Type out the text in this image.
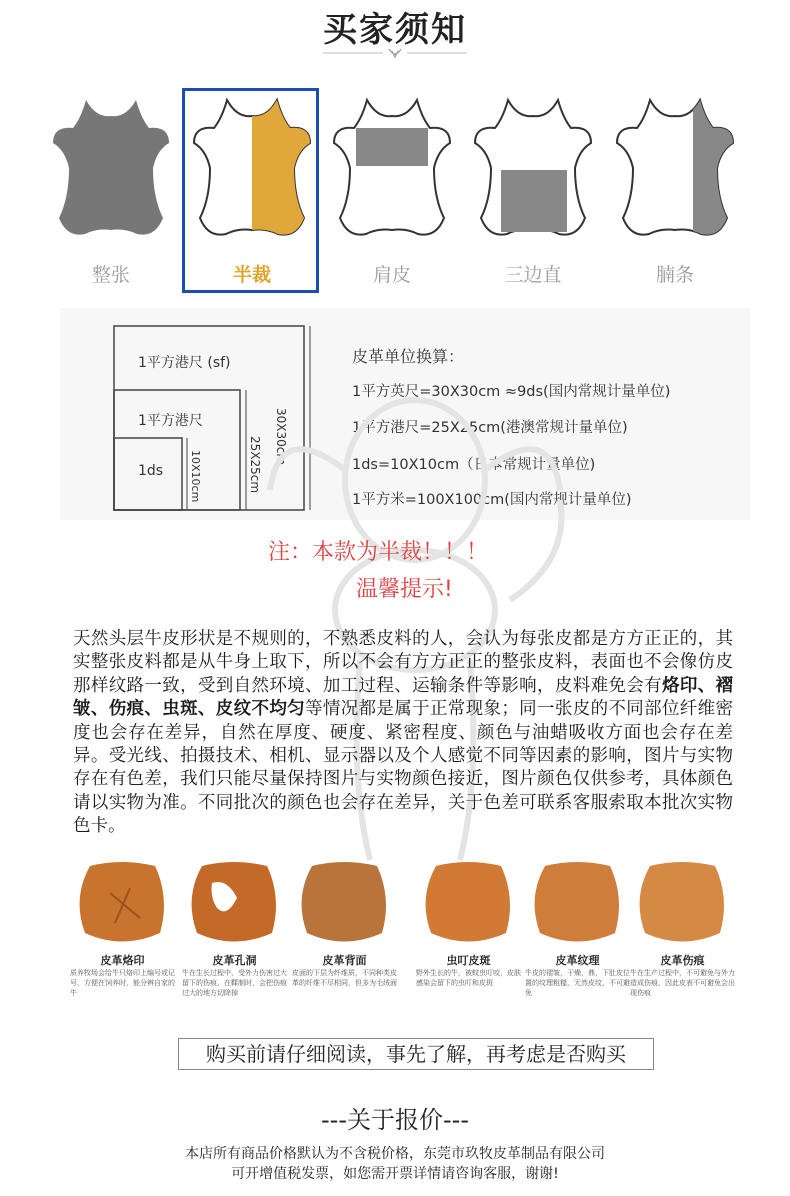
买家须知
整张	半裁	肩皮	三边直	腩条
1平方港尺 (sf)
1平方港尺
1ds
30X30cm
25X25cm
10X10cm
皮革单位换算：
1平方英尺=30X30cm ≈9ds(国内常规计量单位)
1平方港尺=25X25cm(港澳常规计量单位)
1ds=10X10cm（日本常规计量单位)
1平方米=100X100cm(国内常规计量单位)
注：本款为半裁！！！
温馨提示!
天然头层牛皮形状是不规则的，不熟悉皮料的人，会认为每张皮都是方方正正的，其实整张皮料都是从牛身上取下，所以不会有方方正正的整张皮料，表面也不会像仿皮那样纹路一致，受到自然环境、加工过程、运输条件等影响，皮料难免会有烙印、褶皱、伤痕、虫斑、皮纹不均匀等情况都是属于正常现象；同一张皮的不同部位纤维密度也会存在差异，自然在厚度、硬度、紧密程度、颜色与油蜡吸收方面也会存在差异。受光线、拍摄技术、相机、显示器以及个人感觉不同等因素的影响，图片与实物存在有色差，我们只能尽量保持图片与实物颜色接近，图片颜色仅供参考，具体颜色请以实物为准。不同批次的颜色也会存在差异，关于色差可联系客服索取本批次实物色卡。
皮革烙印
质养牧场会给牛只烙印上编号或记号，方便在饲养时，能分辨自家的牛
皮革孔洞
牛在生长过程中，受外力伤害过大留下的伤痕，在鞣制时，会把伤痕过大的地方切除掉
皮革背面
皮面的下层为纤维质，不同种类皮革的纤维不尽相同，但多为毛绒面
虫叮皮斑
野外生长的牛，被蚊虫叮咬，皮肤感染会留下的虫叮和皮斑
皮革纹理
牛皮的褶皱，干燥，鼎，下肚皮位置的纹理粗糙，无然皮纹，不可避免
皮革伤痕
牛在生产过程中，不可避免与外力造成伤痕，因此皮表不可避免会出现伤痕
购买前请仔细阅读，事先了解，再考虑是否购买
---关于报价---
本店所有商品价格默认为不含税价格，东莞市玖牧皮革制品有限公司
可开增值税发票，如您需开票详情请咨询客服，谢谢!
